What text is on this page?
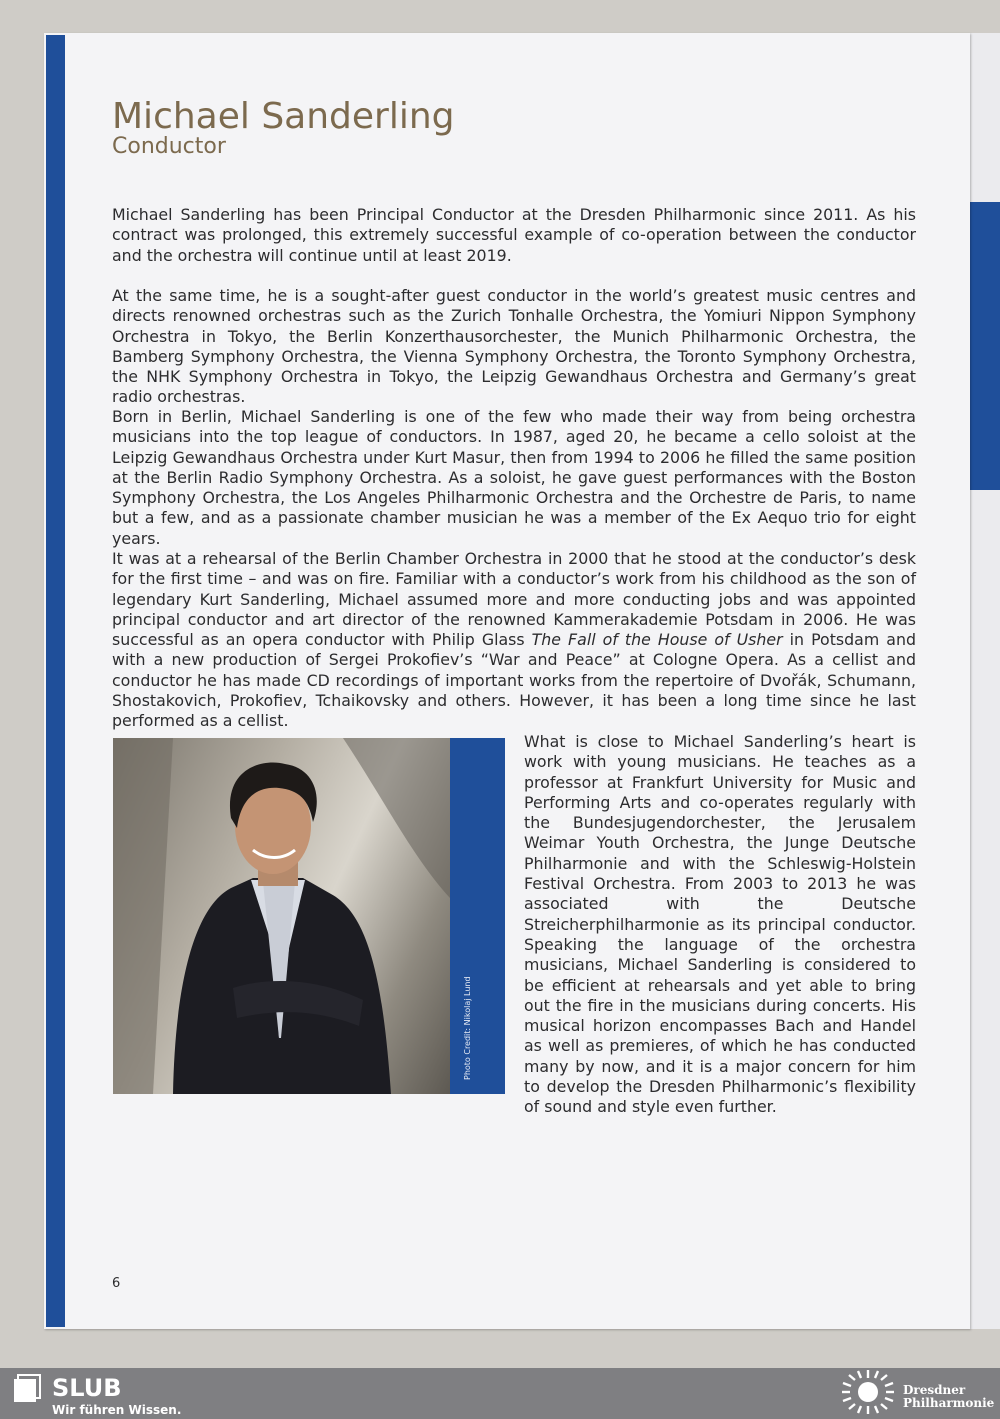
Michael Sanderling
Conductor

Michael Sanderling has been Principal Conductor at the Dresden Philharmonic since 2011. As his contract was prolonged, this extremely successful example of co-operation between the conductor and the orchestra will continue until at least 2019.

At the same time, he is a sought-after guest conductor in the world’s greatest music centres and directs renowned orchestras such as the Zurich Tonhalle Orchestra, the Yomiuri Nippon Symphony Orchestra in Tokyo, the Berlin Konzerthausorchester, the Munich Philharmonic Orchestra, the Bamberg Symphony Orchestra, the Vienna Symphony Orchestra, the Toronto Symphony Orchestra, the NHK Symphony Orchestra in Tokyo, the Leipzig Gewandhaus Orchestra and Germany’s great radio orchestras.

Born in Berlin, Michael Sanderling is one of the few who made their way from being orchestra musicians into the top league of conductors. In 1987, aged 20, he became a cello soloist at the Leipzig Gewandhaus Orchestra under Kurt Masur, then from 1994 to 2006 he filled the same position at the Berlin Radio Symphony Orchestra. As a soloist, he gave guest performances with the Boston Symphony Orchestra, the Los Angeles Philharmonic Orchestra and the Orchestre de Paris, to name but a few, and as a passionate chamber musician he was a member of the Ex Aequo trio for eight years.

It was at a rehearsal of the Berlin Chamber Orchestra in 2000 that he stood at the conductor’s desk for the first time – and was on fire. Familiar with a conductor’s work from his childhood as the son of legendary Kurt Sanderling, Michael assumed more and more conducting jobs and was appointed principal conductor and art director of the renowned Kammerakademie Potsdam in 2006. He was successful as an opera conductor with Philip Glass The Fall of the House of Usher in Potsdam and with a new production of Sergei Prokofiev’s “War and Peace” at Cologne Opera. As a cellist and conductor he has made CD recordings of important works from the repertoire of Dvořák, Schumann, Shostakovich, Prokofiev, Tchaikovsky and others. However, it has been a long time since he last performed as a cellist.

Photo Credit: Nikolaj Lund

What is close to Michael Sanderling’s heart is work with young musicians. He teaches as a professor at Frankfurt University for Music and Performing Arts and co-operates regularly with the Bundesjugendorchester, the Jerusalem Weimar Youth Orchestra, the Junge Deutsche Philharmonie and with the Schleswig-Holstein Festival Orchestra. From 2003 to 2013 he was associated with the Deutsche Streicherphilharmonie as its principal conductor. Speaking the language of the orchestra musicians, Michael Sanderling is considered to be efficient at rehearsals and yet able to bring out the fire in the musicians during concerts. His musical horizon encompasses Bach and Handel as well as premieres, of which he has conducted many by now, and it is a major concern for him to develop the Dresden Philharmonic’s flexibility of sound and style even further.

6
SLUB
Wir führen Wissen.
Dresdner
Philharmonie
